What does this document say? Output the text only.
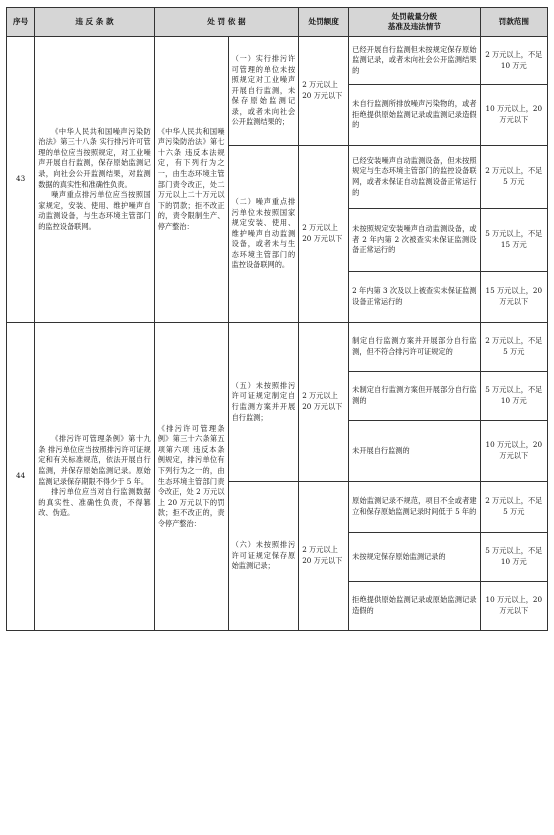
序号	违 反 条 款	处 罚 依 据		处罚额度	处罚裁量分级
基准及违法情节	罚款范围
43	《中华人民共和国噪声污染防治法》第三十八条 实行排污许可管理的单位应当按照规定，对工业噪声开展自行监测，保存原始监测记录，向社会公开监测结果，对监测数据的真实性和准确性负责。
噪声重点排污单位应当按照国家规定，安装、使用、维护噪声自动监测设备，与生态环境主管部门的监控设备联网。	《中华人民共和国噪声污染防治法》第七十六条 违反本法规定，有下列行为之一，由生态环境主管部门责令改正，处二万元以上二十万元以下的罚款；拒不改正的，责令限制生产、停产整治：	（一）实行排污许可管理的单位未按照规定对工业噪声开展自行监测，未保存原始监测记录，或者未向社会公开监测结果的；	2 万元以上 20 万元以下	已经开展自行监测但未按规定保存原始监测记录，或者未向社会公开监测结果的	2 万元以上，不足 10 万元
					未自行监测所排放噪声污染物的，或者拒绝提供原始监测记录或监测记录造假的	10 万元以上，20 万元以下
			（二）噪声重点排污单位未按照国家规定安装、使用、维护噪声自动监测设备，或者未与生态环境主管部门的监控设备联网的。	2 万元以上 20 万元以下	已经安装噪声自动监测设备，但未按照规定与生态环境主管部门的监控设备联网，或者未保证自动监测设备正常运行的	2 万元以上，不足 5 万元
					未按照规定安装噪声自动监测设备，或者 2 年内第 2 次被查实未保证监测设备正常运行的	5 万元以上，不足 15 万元
					2 年内第 3 次及以上被查实未保证监测设备正常运行的	15 万元以上，20 万元以下
44	《排污许可管理条例》第十九条 排污单位应当按照排污许可证规定和有关标准规范，依法开展自行监测，并保存原始监测记录。原始监测记录保存期限不得少于 5 年。
排污单位应当对自行监测数据的真实性、准确性负责，不得篡改、伪造。	《排污许可管理条例》第三十六条第五项第六项 违反本条例规定，排污单位有下列行为之一的，由生态环境主管部门责令改正，处 2 万元以上 20 万元以下的罚款；拒不改正的，责令停产整治：	（五）未按照排污许可证规定制定自行监测方案并开展自行监测；	2 万元以上 20 万元以下	制定自行监测方案并开展部分自行监测，但不符合排污许可证规定的	2 万元以上，不足 5 万元
					未制定自行监测方案但开展部分自行监测的	5 万元以上，不足 10 万元
					未开展自行监测的	10 万元以上，20 万元以下
			（六）未按照排污许可证规定保存原始监测记录；	2 万元以上 20 万元以下	原始监测记录不规范，项目不全或者建立和保存原始监测记录时间低于 5 年的	2 万元以上，不足 5 万元
					未按规定保存原始监测记录的	5 万元以上，不足 10 万元
					拒绝提供原始监测记录或原始监测记录造假的	10 万元以上，20 万元以下
